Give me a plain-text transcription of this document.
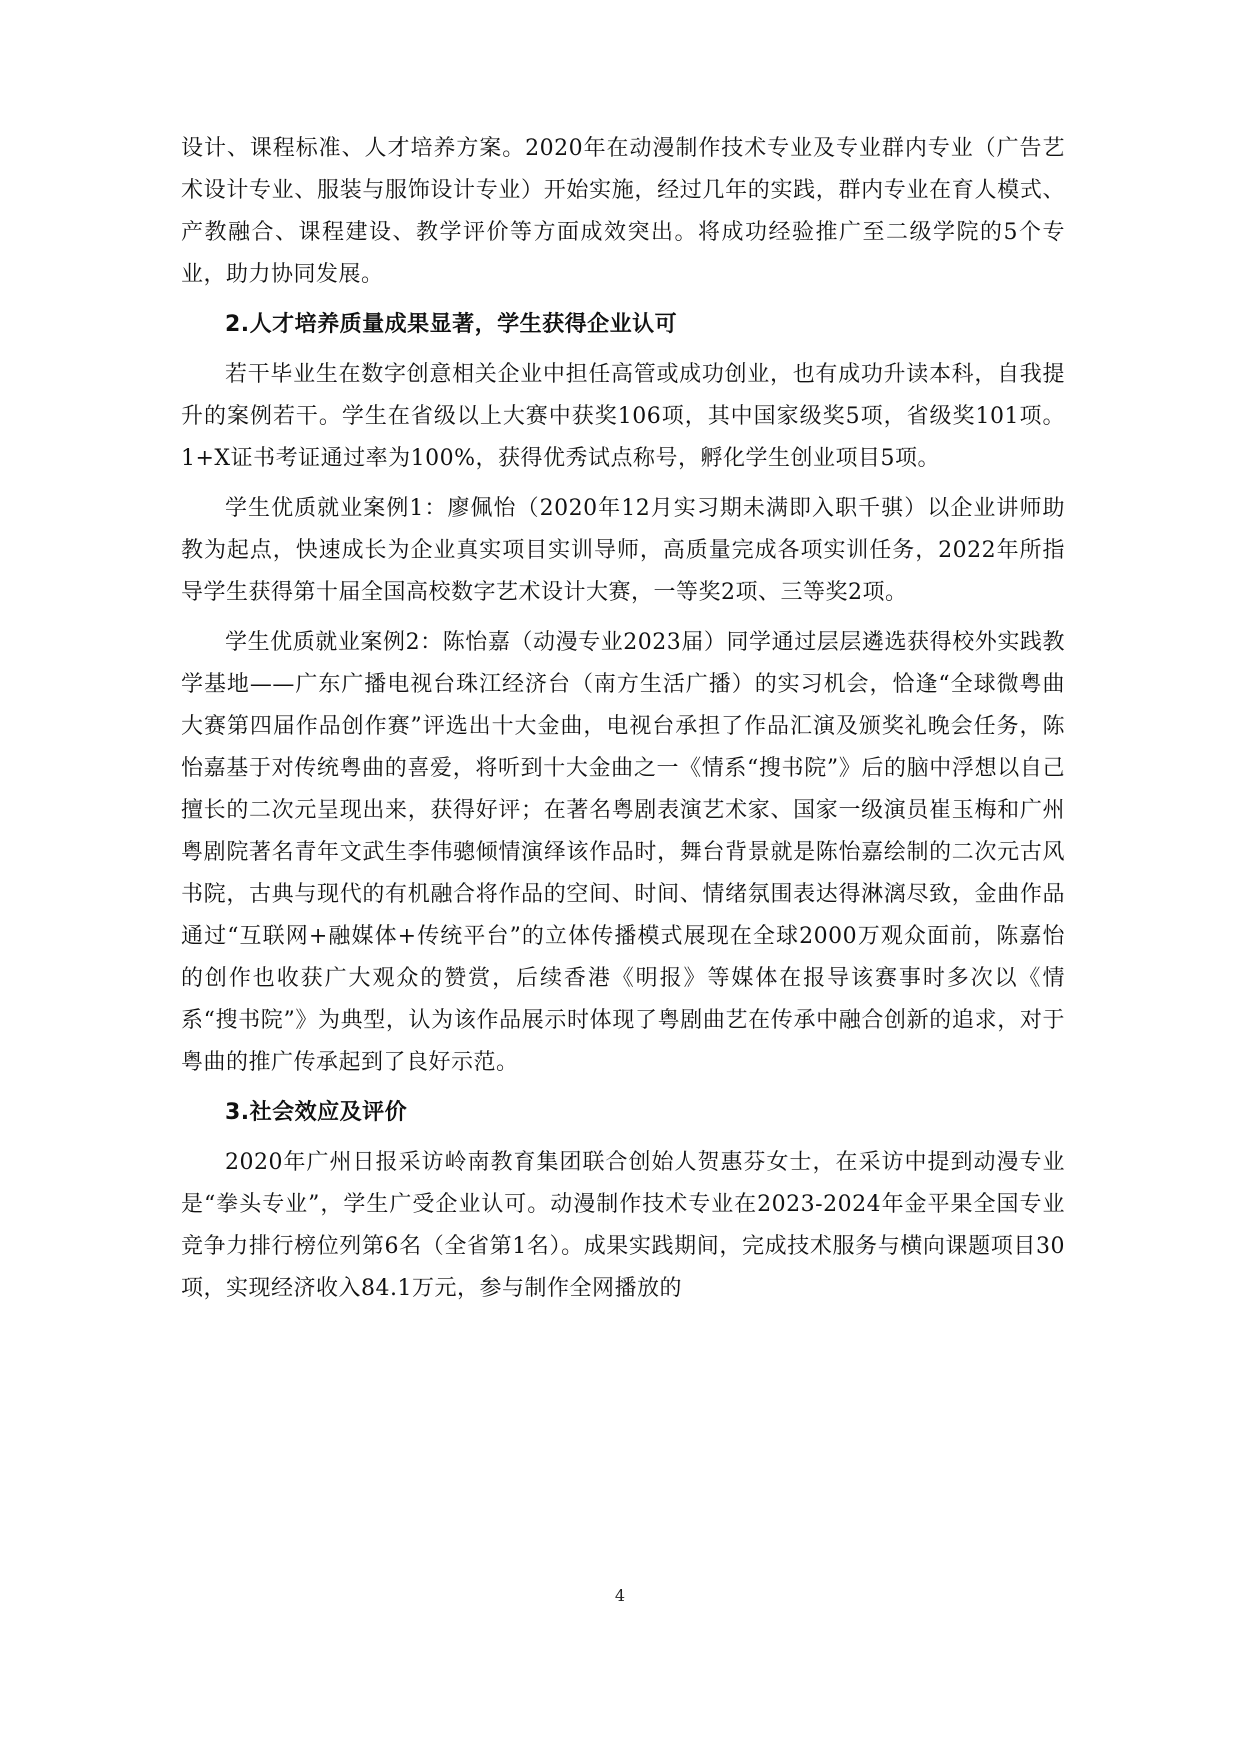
设计、课程标准、人才培养方案。2020年在动漫制作技术专业及专业群内专业（广告艺术设计专业、服装与服饰设计专业）开始实施，经过几年的实践，群内专业在育人模式、产教融合、课程建设、教学评价等方面成效突出。将成功经验推广至二级学院的5个专业，助力协同发展。

2.人才培养质量成果显著，学生获得企业认可

若干毕业生在数字创意相关企业中担任高管或成功创业，也有成功升读本科，自我提升的案例若干。学生在省级以上大赛中获奖106项，其中国家级奖5项，省级奖101项。1+X证书考证通过率为100%，获得优秀试点称号，孵化学生创业项目5项。

学生优质就业案例1：廖佩怡（2020年12月实习期未满即入职千骐）以企业讲师助教为起点，快速成长为企业真实项目实训导师，高质量完成各项实训任务，2022年所指导学生获得第十届全国高校数字艺术设计大赛，一等奖2项、三等奖2项。

学生优质就业案例2：陈怡嘉（动漫专业2023届）同学通过层层遴选获得校外实践教学基地——广东广播电视台珠江经济台（南方生活广播）的实习机会，恰逢“全球微粤曲大赛第四届作品创作赛”评选出十大金曲，电视台承担了作品汇演及颁奖礼晚会任务，陈怡嘉基于对传统粤曲的喜爱，将听到十大金曲之一《情系“搜书院”》后的脑中浮想以自己擅长的二次元呈现出来，获得好评；在著名粤剧表演艺术家、国家一级演员崔玉梅和广州粤剧院著名青年文武生李伟骢倾情演绎该作品时，舞台背景就是陈怡嘉绘制的二次元古风书院，古典与现代的有机融合将作品的空间、时间、情绪氛围表达得淋漓尽致，金曲作品通过“互联网+融媒体+传统平台”的立体传播模式展现在全球2000万观众面前，陈嘉怡的创作也收获广大观众的赞赏，后续香港《明报》等媒体在报导该赛事时多次以《情系“搜书院”》为典型，认为该作品展示时体现了粤剧曲艺在传承中融合创新的追求，对于粤曲的推广传承起到了良好示范。

3.社会效应及评价

2020年广州日报采访岭南教育集团联合创始人贺惠芬女士，在采访中提到动漫专业是“拳头专业”，学生广受企业认可。动漫制作技术专业在2023-2024年金平果全国专业竞争力排行榜位列第6名（全省第1名）。成果实践期间，完成技术服务与横向课题项目30项，实现经济收入84.1万元，参与制作全网播放的

4
